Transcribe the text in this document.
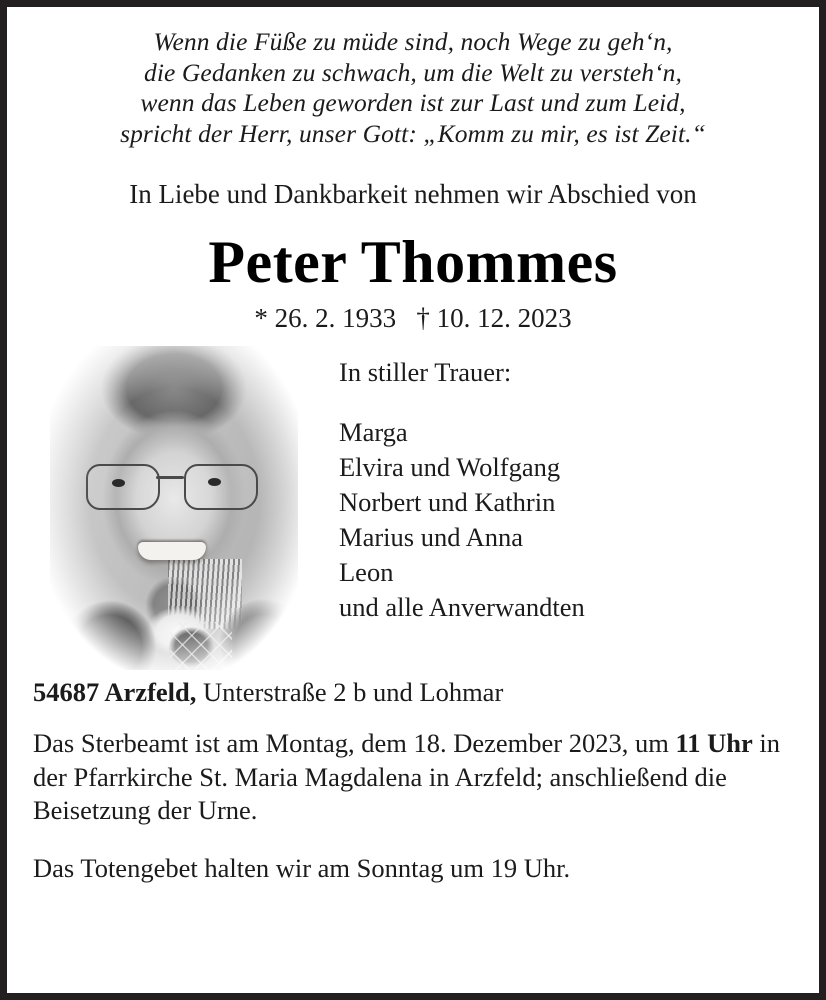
Wenn die Füße zu müde sind, noch Wege zu geh‘n,
die Gedanken zu schwach, um die Welt zu versteh‘n,
wenn das Leben geworden ist zur Last und zum Leid,
spricht der Herr, unser Gott: „Komm zu mir, es ist Zeit.“

In Liebe und Dankbarkeit nehmen wir Abschied von

Peter Thommes

* 26. 2. 1933   † 10. 12. 2023

In stiller Trauer:

Marga
Elvira und Wolfgang
Norbert und Kathrin
Marius und Anna
Leon
und alle Anverwandten

54687 Arzfeld, Unterstraße 2 b und Lohmar

Das Sterbeamt ist am Montag, dem 18. Dezember 2023, um 11 Uhr in der Pfarrkirche St. Maria Magdalena in Arzfeld; anschließend die Beisetzung der Urne.

Das Totengebet halten wir am Sonntag um 19 Uhr.
